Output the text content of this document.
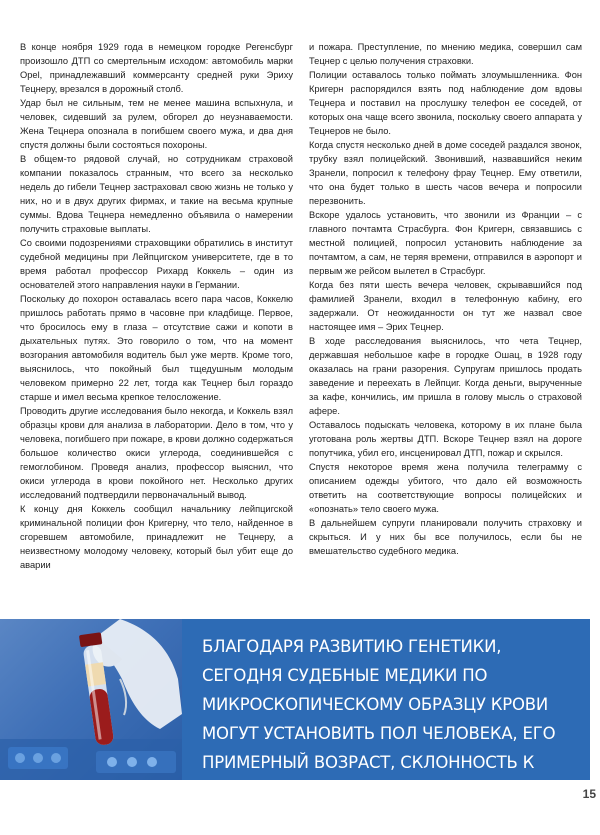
В конце ноября 1929 года в немецком городке Регенсбург произошло ДТП со смертельным исходом: автомобиль марки Opel, принадлежавший коммерсанту средней руки Эриху Тецнеру, врезался в дорожный столб.

Удар был не сильным, тем не менее машина вспыхнула, и человек, сидевший за рулем, обгорел до неузнаваемости. Жена Тецнера опознала в погибшем своего мужа, и два дня спустя должны были состояться похороны.

В общем-то рядовой случай, но сотрудникам страховой компании показалось странным, что всего за несколько недель до гибели Тецнер застраховал свою жизнь не только у них, но и в двух других фирмах, и такие на весьма крупные суммы. Вдова Тецнера немедленно объявила о намерении получить страховые выплаты.

Со своими подозрениями страховщики обратились в институт судебной медицины при Лейпцигском университете, где в то время работал профессор Рихард Коккель – один из основателей этого направления науки в Германии.

Поскольку до похорон оставалась всего пара часов, Коккелю пришлось работать прямо в часовне при кладбище. Первое, что бросилось ему в глаза – отсутствие сажи и копоти в дыхательных путях. Это говорило о том, что на момент возгорания автомобиля водитель был уже мертв. Кроме того, выяснилось, что покойный был тщедушным молодым человеком примерно 22 лет, тогда как Тецнер был гораздо старше и имел весьма крепкое телосложение.

Проводить другие исследования было некогда, и Коккель взял образцы крови для анализа в лаборатории. Дело в том, что у человека, погибшего при пожаре, в крови должно содержаться большое количество окиси углерода, соединившейся с гемоглобином. Проведя анализ, профессор выяснил, что окиси углерода в крови покойного нет. Несколько других исследований подтвердили первоначальный вывод.

К концу дня Коккель сообщил начальнику лейпцигской криминальной полиции фон Кригерну, что тело, найденное в сгоревшем автомобиле, принадлежит не Тецнеру, а неизвестному молодому человеку, который был убит еще до аварии

и пожара. Преступление, по мнению медика, совершил сам Тецнер с целью получения страховки.

Полиции оставалось только поймать злоумышленника. Фон Кригерн распорядился взять под наблюдение дом вдовы Тецнера и поставил на прослушку телефон ее соседей, от которых она чаще всего звонила, поскольку своего аппарата у Тецнеров не было.

Когда спустя несколько дней в доме соседей раздался звонок, трубку взял полицейский. Звонивший, назвавшийся неким Зранели, попросил к телефону фрау Тецнер. Ему ответили, что она будет только в шесть часов вечера и попросили перезвонить.

Вскоре удалось установить, что звонили из Франции – с главного почтамта Страсбурга. Фон Кригерн, связавшись с местной полицией, попросил установить наблюдение за почтамтом, а сам, не теряя времени, отправился в аэропорт и первым же рейсом вылетел в Страсбург.

Когда без пяти шесть вечера человек, скрывавшийся под фамилией Зранели, входил в телефонную кабину, его задержали. От неожиданности он тут же назвал свое настоящее имя – Эрих Тецнер.

В ходе расследования выяснилось, что чета Тецнер, державшая небольшое кафе в городке Ошац, в 1928 году оказалась на грани разорения. Супругам пришлось продать заведение и переехать в Лейпциг. Когда деньги, вырученные за кафе, кончились, им пришла в голову мысль о страховой афере.

Оставалось подыскать человека, которому в их плане была уготована роль жертвы ДТП. Вскоре Тецнер взял на дороге попутчика, убил его, инсценировал ДТП, пожар и скрылся.

Спустя некоторое время жена получила телеграмму с описанием одежды убитого, что дало ей возможность ответить на соответствующие вопросы полицейских и «опознать» тело своего мужа.

В дальнейшем супруги планировали получить страховку и скрыться. И у них бы все получилось, если бы не вмешательство судебного медика.

БЛАГОДАРЯ РАЗВИТИЮ ГЕНЕТИКИ, СЕГОДНЯ СУДЕБНЫЕ МЕДИКИ ПО МИКРОСКОПИЧЕСКОМУ ОБРАЗЦУ КРОВИ МОГУТ УСТАНОВИТЬ ПОЛ ЧЕЛОВЕКА, ЕГО ПРИМЕРНЫЙ ВОЗРАСТ, СКЛОННОСТЬ К ОПРЕДЕЛЕННЫМ ЗАБОЛЕВАНИЯМ И ДАЖЕ ЦВЕТ ГЛАЗ
15
